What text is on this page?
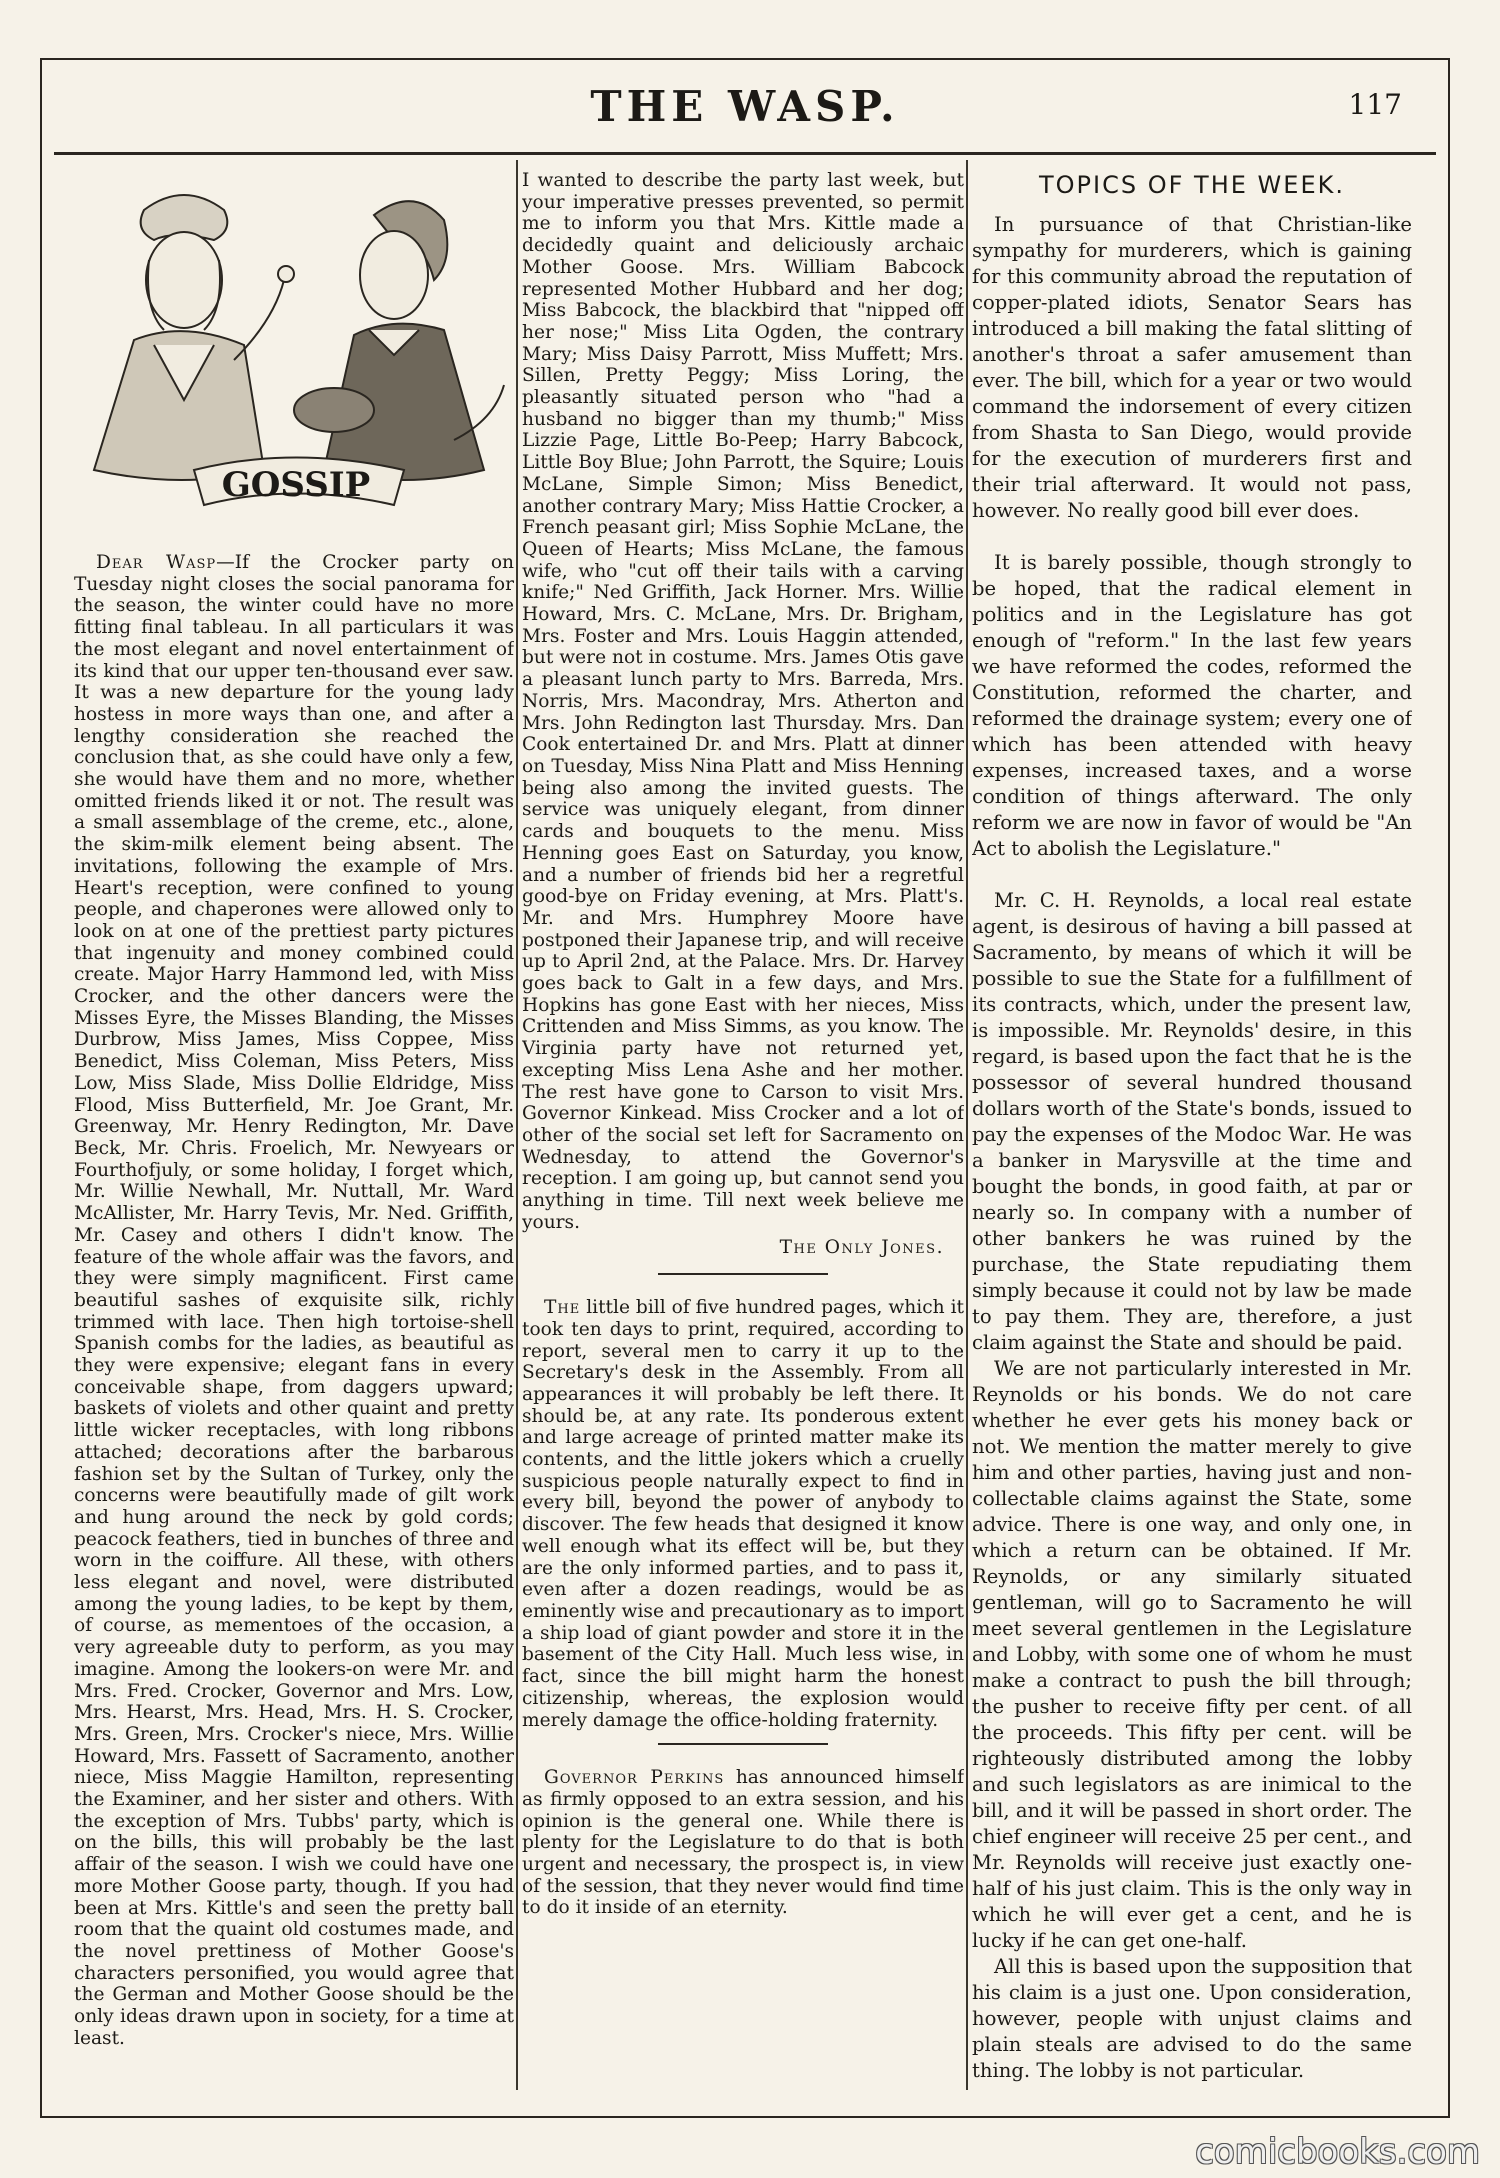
THE WASP.	117
GOSSIP

Dear Wasp—If the Crocker party on Tuesday night closes the social panorama for the season, the winter could have no more fitting final tableau. In all particulars it was the most elegant and novel entertainment of its kind that our upper ten-thousand ever saw. It was a new departure for the young lady hostess in more ways than one, and after a lengthy consideration she reached the conclusion that, as she could have only a few, she would have them and no more, whether omitted friends liked it or not. The result was a small assemblage of the creme, etc., alone, the skim-milk element being absent. The invitations, following the example of Mrs. Heart's reception, were confined to young people, and chaperones were allowed only to look on at one of the prettiest party pictures that ingenuity and money combined could create. Major Harry Hammond led, with Miss Crocker, and the other dancers were the Misses Eyre, the Misses Blanding, the Misses Durbrow, Miss James, Miss Coppee, Miss Benedict, Miss Coleman, Miss Peters, Miss Low, Miss Slade, Miss Dollie Eldridge, Miss Flood, Miss Butterfield, Mr. Joe Grant, Mr. Greenway, Mr. Henry Redington, Mr. Dave Beck, Mr. Chris. Froelich, Mr. Newyears or Fourthofjuly, or some holiday, I forget which, Mr. Willie Newhall, Mr. Nuttall, Mr. Ward McAllister, Mr. Harry Tevis, Mr. Ned. Griffith, Mr. Casey and others I didn't know. The feature of the whole affair was the favors, and they were simply magnificent. First came beautiful sashes of exquisite silk, richly trimmed with lace. Then high tortoise-shell Spanish combs for the ladies, as beautiful as they were expensive; elegant fans in every conceivable shape, from daggers upward; baskets of violets and other quaint and pretty little wicker receptacles, with long ribbons attached; decorations after the barbarous fashion set by the Sultan of Turkey, only the concerns were beautifully made of gilt work and hung around the neck by gold cords; peacock feathers, tied in bunches of three and worn in the coiffure. All these, with others less elegant and novel, were distributed among the young ladies, to be kept by them, of course, as mementoes of the occasion, a very agreeable duty to perform, as you may imagine. Among the lookers-on were Mr. and Mrs. Fred. Crocker, Governor and Mrs. Low, Mrs. Hearst, Mrs. Head, Mrs. H. S. Crocker, Mrs. Green, Mrs. Crocker's niece, Mrs. Willie Howard, Mrs. Fassett of Sacramento, another niece, Miss Maggie Hamilton, representing the Examiner, and her sister and others. With the exception of Mrs. Tubbs' party, which is on the bills, this will probably be the last affair of the season. I wish we could have one more Mother Goose party, though. If you had been at Mrs. Kittle's and seen the pretty ball room that the quaint old costumes made, and the novel prettiness of Mother Goose's characters personified, you would agree that the German and Mother Goose should be the only ideas drawn upon in society, for a time at least.

I wanted to describe the party last week, but your imperative presses prevented, so permit me to inform you that Mrs. Kittle made a decidedly quaint and deliciously archaic Mother Goose. Mrs. William Babcock represented Mother Hubbard and her dog; Miss Babcock, the blackbird that "nipped off her nose;" Miss Lita Ogden, the contrary Mary; Miss Daisy Parrott, Miss Muffett; Mrs. Sillen, Pretty Peggy; Miss Loring, the pleasantly situated person who "had a husband no bigger than my thumb;" Miss Lizzie Page, Little Bo-Peep; Harry Babcock, Little Boy Blue; John Parrott, the Squire; Louis McLane, Simple Simon; Miss Benedict, another contrary Mary; Miss Hattie Crocker, a French peasant girl; Miss Sophie McLane, the Queen of Hearts; Miss McLane, the famous wife, who "cut off their tails with a carving knife;" Ned Griffith, Jack Horner. Mrs. Willie Howard, Mrs. C. McLane, Mrs. Dr. Brigham, Mrs. Foster and Mrs. Louis Haggin attended, but were not in costume. Mrs. James Otis gave a pleasant lunch party to Mrs. Barreda, Mrs. Norris, Mrs. Macondray, Mrs. Atherton and Mrs. John Redington last Thursday. Mrs. Dan Cook entertained Dr. and Mrs. Platt at dinner on Tuesday, Miss Nina Platt and Miss Henning being also among the invited guests. The service was uniquely elegant, from dinner cards and bouquets to the menu. Miss Henning goes East on Saturday, you know, and a number of friends bid her a regretful good-bye on Friday evening, at Mrs. Platt's. Mr. and Mrs. Humphrey Moore have postponed their Japanese trip, and will receive up to April 2nd, at the Palace. Mrs. Dr. Harvey goes back to Galt in a few days, and Mrs. Hopkins has gone East with her nieces, Miss Crittenden and Miss Simms, as you know. The Virginia party have not returned yet, excepting Miss Lena Ashe and her mother. The rest have gone to Carson to visit Mrs. Governor Kinkead. Miss Crocker and a lot of other of the social set left for Sacramento on Wednesday, to attend the Governor's reception. I am going up, but cannot send you anything in time. Till next week believe me yours.

The Only Jones.

The little bill of five hundred pages, which it took ten days to print, required, according to report, several men to carry it up to the Secretary's desk in the Assembly. From all appearances it will probably be left there. It should be, at any rate. Its ponderous extent and large acreage of printed matter make its contents, and the little jokers which a cruelly suspicious people naturally expect to find in every bill, beyond the power of anybody to discover. The few heads that designed it know well enough what its effect will be, but they are the only informed parties, and to pass it, even after a dozen readings, would be as eminently wise and precautionary as to import a ship load of giant powder and store it in the basement of the City Hall. Much less wise, in fact, since the bill might harm the honest citizenship, whereas, the explosion would merely damage the office-holding fraternity.

Governor Perkins has announced himself as firmly opposed to an extra session, and his opinion is the general one. While there is plenty for the Legislature to do that is both urgent and necessary, the prospect is, in view of the session, that they never would find time to do it inside of an eternity.

TOPICS OF THE WEEK.

In pursuance of that Christian-like sympathy for murderers, which is gaining for this community abroad the reputation of copper-plated idiots, Senator Sears has introduced a bill making the fatal slitting of another's throat a safer amusement than ever. The bill, which for a year or two would command the indorsement of every citizen from Shasta to San Diego, would provide for the execution of murderers first and their trial afterward. It would not pass, however. No really good bill ever does.

It is barely possible, though strongly to be hoped, that the radical element in politics and in the Legislature has got enough of "reform." In the last few years we have reformed the codes, reformed the Constitution, reformed the charter, and reformed the drainage system; every one of which has been attended with heavy expenses, increased taxes, and a worse condition of things afterward. The only reform we are now in favor of would be "An Act to abolish the Legislature."

Mr. C. H. Reynolds, a local real estate agent, is desirous of having a bill passed at Sacramento, by means of which it will be possible to sue the State for a fulfillment of its contracts, which, under the present law, is impossible. Mr. Reynolds' desire, in this regard, is based upon the fact that he is the possessor of several hundred thousand dollars worth of the State's bonds, issued to pay the expenses of the Modoc War. He was a banker in Marysville at the time and bought the bonds, in good faith, at par or nearly so. In company with a number of other bankers he was ruined by the purchase, the State repudiating them simply because it could not by law be made to pay them. They are, therefore, a just claim against the State and should be paid.

We are not particularly interested in Mr. Reynolds or his bonds. We do not care whether he ever gets his money back or not. We mention the matter merely to give him and other parties, having just and non-collectable claims against the State, some advice. There is one way, and only one, in which a return can be obtained. If Mr. Reynolds, or any similarly situated gentleman, will go to Sacramento he will meet several gentlemen in the Legislature and Lobby, with some one of whom he must make a contract to push the bill through; the pusher to receive fifty per cent. of all the proceeds. This fifty per cent. will be righteously distributed among the lobby and such legislators as are inimical to the bill, and it will be passed in short order. The chief engineer will receive 25 per cent., and Mr. Reynolds will receive just exactly one-half of his just claim. This is the only way in which he will ever get a cent, and he is lucky if he can get one-half.

All this is based upon the supposition that his claim is a just one. Upon consideration, however, people with unjust claims and plain steals are advised to do the same thing. The lobby is not particular.

comicbooks.com
